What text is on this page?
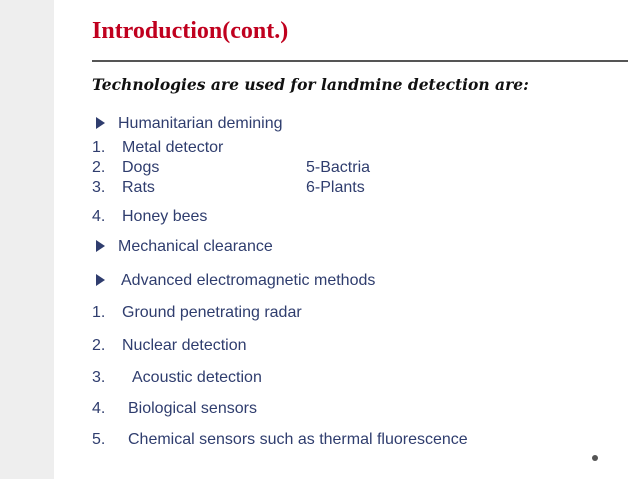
Introduction(cont.)
Technologies are used for landmine detection are:
Humanitarian demining
1. Metal detector
2. Dogs	5-Bactria
3. Rats	6-Plants
4. Honey bees
Mechanical clearance
Advanced electromagnetic methods
1. Ground penetrating radar
2. Nuclear detection
3. Acoustic detection
4. Biological sensors
5. Chemical sensors such as thermal fluorescence
